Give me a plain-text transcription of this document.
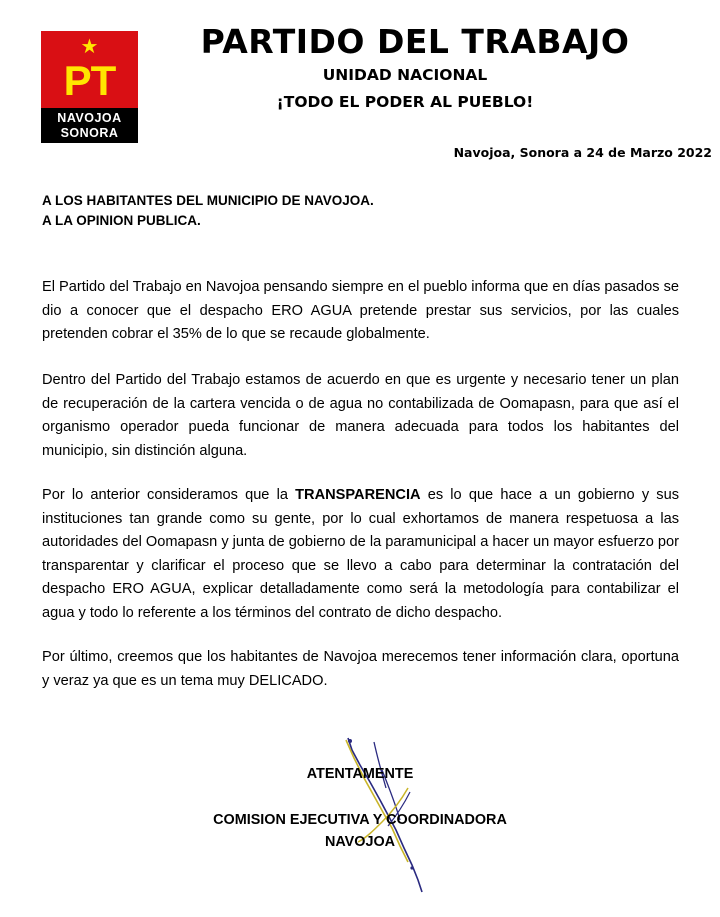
★
PT
NAVOJOA
SONORA
PARTIDO DEL TRABAJO
UNIDAD NACIONAL
¡TODO EL PODER AL PUEBLO!
Navojoa, Sonora a 24 de Marzo 2022
A LOS HABITANTES DEL MUNICIPIO DE NAVOJOA.
A LA OPINION PUBLICA.

El Partido del Trabajo en Navojoa pensando siempre en el pueblo informa que en días pasados se dio a conocer que el despacho ERO AGUA pretende prestar sus servicios, por las cuales pretenden cobrar el 35% de lo que se recaude globalmente.

Dentro del Partido del Trabajo estamos de acuerdo en que es urgente y necesario tener un plan de recuperación de la cartera vencida o de agua no contabilizada de Oomapasn, para que así el organismo operador pueda funcionar de manera adecuada para todos los habitantes del municipio, sin distinción alguna.

Por lo anterior consideramos que la TRANSPARENCIA es lo que hace a un gobierno y sus instituciones tan grande como su gente, por lo cual exhortamos de manera respetuosa a las autoridades del Oomapasn y junta de gobierno de la paramunicipal a hacer un mayor esfuerzo por transparentar y clarificar el proceso que se llevo a cabo para determinar la contratación del despacho ERO AGUA, explicar detalladamente como será la metodología para contabilizar el agua y todo lo referente a los términos del contrato de dicho despacho.

Por último, creemos que los habitantes de Navojoa merecemos tener información clara, oportuna y veraz ya que es un tema muy DELICADO.

ATENTAMENTE
COMISION EJECUTIVA Y COORDINADORA
NAVOJOA
